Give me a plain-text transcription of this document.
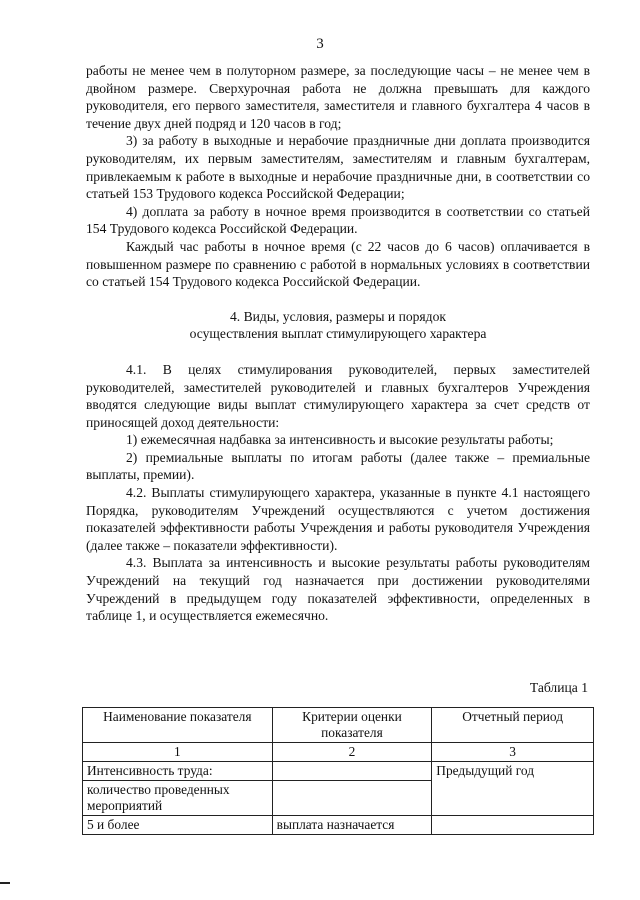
3

работы не менее чем в полуторном размере, за последующие часы – не менее чем в двойном размере. Сверхурочная работа не должна превышать для каждого руководителя, его первого заместителя, заместителя и главного бухгалтера 4 часов в течение двух дней подряд и 120 часов в год;

3) за работу в выходные и нерабочие праздничные дни доплата производится руководителям, их первым заместителям, заместителям и главным бухгалтерам, привлекаемым к работе в выходные и нерабочие праздничные дни, в соответствии со статьей 153 Трудового кодекса Российской Федерации;

4) доплата за работу в ночное время производится в соответствии со статьей 154 Трудового кодекса Российской Федерации.

Каждый час работы в ночное время (с 22 часов до 6 часов) оплачивается в повышенном размере по сравнению с работой в нормальных условиях в соответствии со статьей 154 Трудового кодекса Российской Федерации.

4. Виды, условия, размеры и порядок
осуществления выплат стимулирующего характера

4.1. В целях стимулирования руководителей, первых заместителей руководителей, заместителей руководителей и главных бухгалтеров Учреждения вводятся следующие виды выплат стимулирующего характера за счет средств от приносящей доход деятельности:

1) ежемесячная надбавка за интенсивность и высокие результаты работы;

2) премиальные выплаты по итогам работы (далее также – премиальные выплаты, премии).

4.2. Выплаты стимулирующего характера, указанные в пункте 4.1 настоящего Порядка, руководителям Учреждений осуществляются с учетом достижения показателей эффективности работы Учреждения и работы руководителя Учреждения (далее также – показатели эффективности).

4.3. Выплата за интенсивность и высокие результаты работы руководителям Учреждений на текущий год назначается при достижении руководителями Учреждений в предыдущем году показателей эффективности, определенных в таблице 1, и осуществляется ежемесячно.

Таблица 1
Наименование показателя	Критерии оценки показателя	Отчетный период
1	2	3
Интенсивность труда:		Предыдущий год
количество проведенных мероприятий		
5 и более	выплата назначается	
